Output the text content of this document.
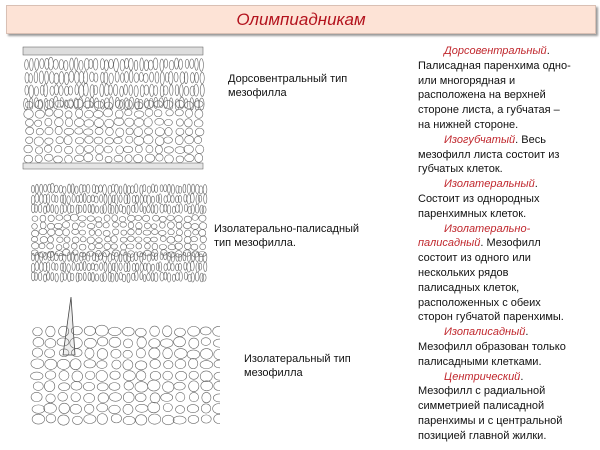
Олимпиадникам
Дорсовентральный тип
мезофилла
Изолатерально-палисадный
тип мезофилла.
Изолатеральный тип
мезофилла
Дорсовентральный.
Палисадная паренхима одно-
или многорядная и
расположена на верхней
стороне листа, а губчатая –
на нижней стороне.
Изогубчатый. Весь
мезофилл листа состоит из
губчатых клеток.
Изолатеральный.
Состоит из однородных
паренхимных клеток.
Изолатерально-
палисадный. Мезофилл
состоит из одного или
нескольких рядов
палисадных клеток,
расположенных с обеих
сторон губчатой паренхимы.
Изопалисадный.
Мезофилл образован только
палисадными клетками.
Центрический.
Мезофилл с радиальной
симметрией палисадной
паренхимы и с центральной
позицией главной жилки.
